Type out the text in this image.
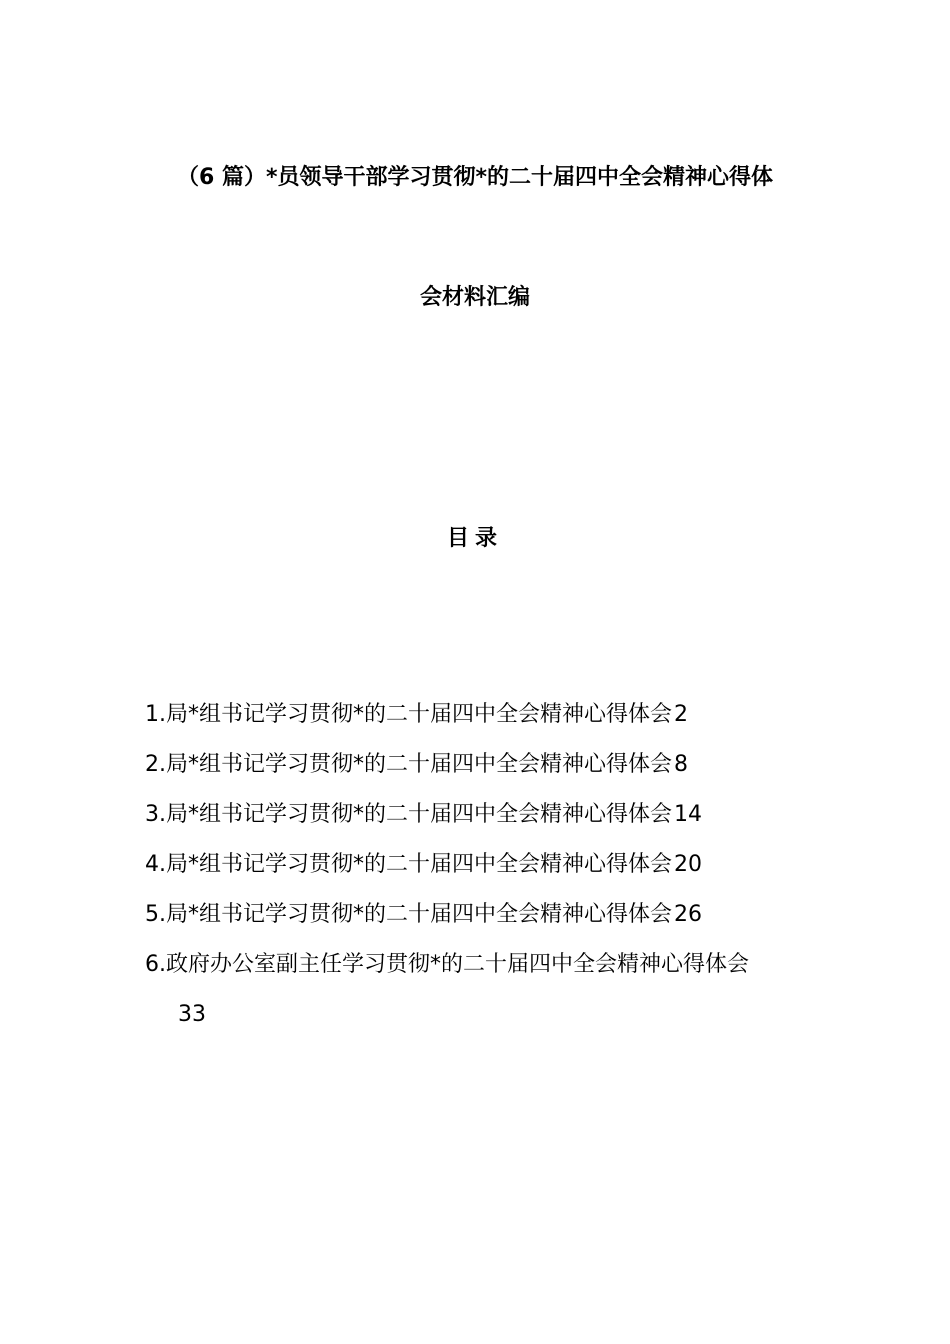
（6 篇）*员领导干部学习贯彻*的二十届四中全会精神心得体
会材料汇编
目录
1.局*组书记学习贯彻*的二十届四中全会精神心得体会2
2.局*组书记学习贯彻*的二十届四中全会精神心得体会8
3.局*组书记学习贯彻*的二十届四中全会精神心得体会14
4.局*组书记学习贯彻*的二十届四中全会精神心得体会20
5.局*组书记学习贯彻*的二十届四中全会精神心得体会26
6.政府办公室副主任学习贯彻*的二十届四中全会精神心得体会
33
